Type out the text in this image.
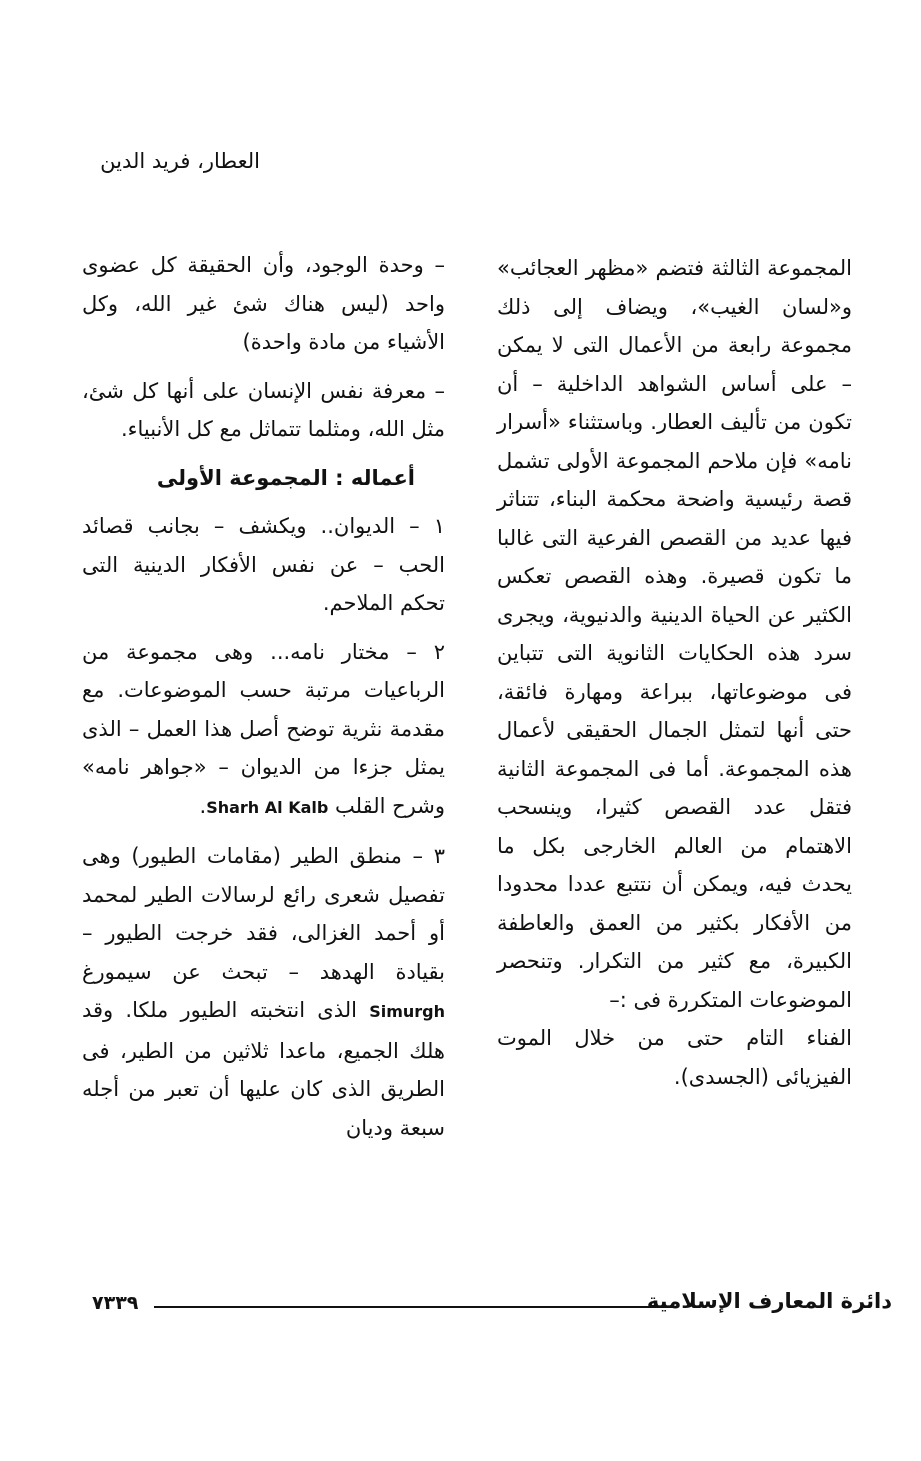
العطار، فريد الدين

المجموعة الثالثة فتضم «مظهر العجائب» و«لسان الغيب»، ويضاف إلى ذلك مجموعة رابعة من الأعمال التى لا يمكن – على أساس الشواهد الداخلية – أن تكون من تأليف العطار. وباستثناء «أسرار نامه» فإن ملاحم المجموعة الأولى تشمل قصة رئيسية واضحة محكمة البناء، تتناثر فيها عديد من القصص الفرعية التى غالبا ما تكون قصيرة. وهذه القصص تعكس الكثير عن الحياة الدينية والدنيوية، ويجرى سرد هذه الحكايات الثانوية التى تتباين فى موضوعاتها، ببراعة ومهارة فائقة، حتى أنها لتمثل الجمال الحقيقى لأعمال هذه المجموعة. أما فى المجموعة الثانية فتقل عدد القصص كثيرا، وينسحب الاهتمام من العالم الخارجى بكل ما يحدث فيه، ويمكن أن نتتبع عددا محدودا من الأفكار بكثير من العمق والعاطفة الكبيرة، مع كثير من التكرار. وتنحصر الموضوعات المتكررة فى :–

الفناء التام حتى من خلال الموت الفيزيائى (الجسدى).

– وحدة الوجود، وأن الحقيقة كل عضوى واحد (ليس هناك شئ غير الله، وكل الأشياء من مادة واحدة)

– معرفة نفس الإنسان على أنها كل شئ، مثل الله، ومثلما تتماثل مع كل الأنبياء.

أعماله : المجموعة الأولى

١ – الديوان.. ويكشف – بجانب قصائد الحب – عن نفس الأفكار الدينية التى تحكم الملاحم.

٢ – مختار نامه... وهى مجموعة من الرباعيات مرتبة حسب الموضوعات. مع مقدمة نثرية توضح أصل هذا العمل – الذى يمثل جزءا من الديوان – «جواهر نامه» وشرح القلب Sharh Al Kalb.

٣ – منطق الطير (مقامات الطيور) وهى تفصيل شعرى رائع لرسالات الطير لمحمد أو أحمد الغزالى، فقد خرجت الطيور – بقيادة الهدهد – تبحث عن سيمورغ Simurgh الذى انتخبته الطيور ملكا. وقد هلك الجميع، ماعدا ثلاثين من الطير، فى الطريق الذى كان عليها أن تعبر من أجله سبعة وديان

دائرة المعارف الإسلامية
٧٣٣٩
